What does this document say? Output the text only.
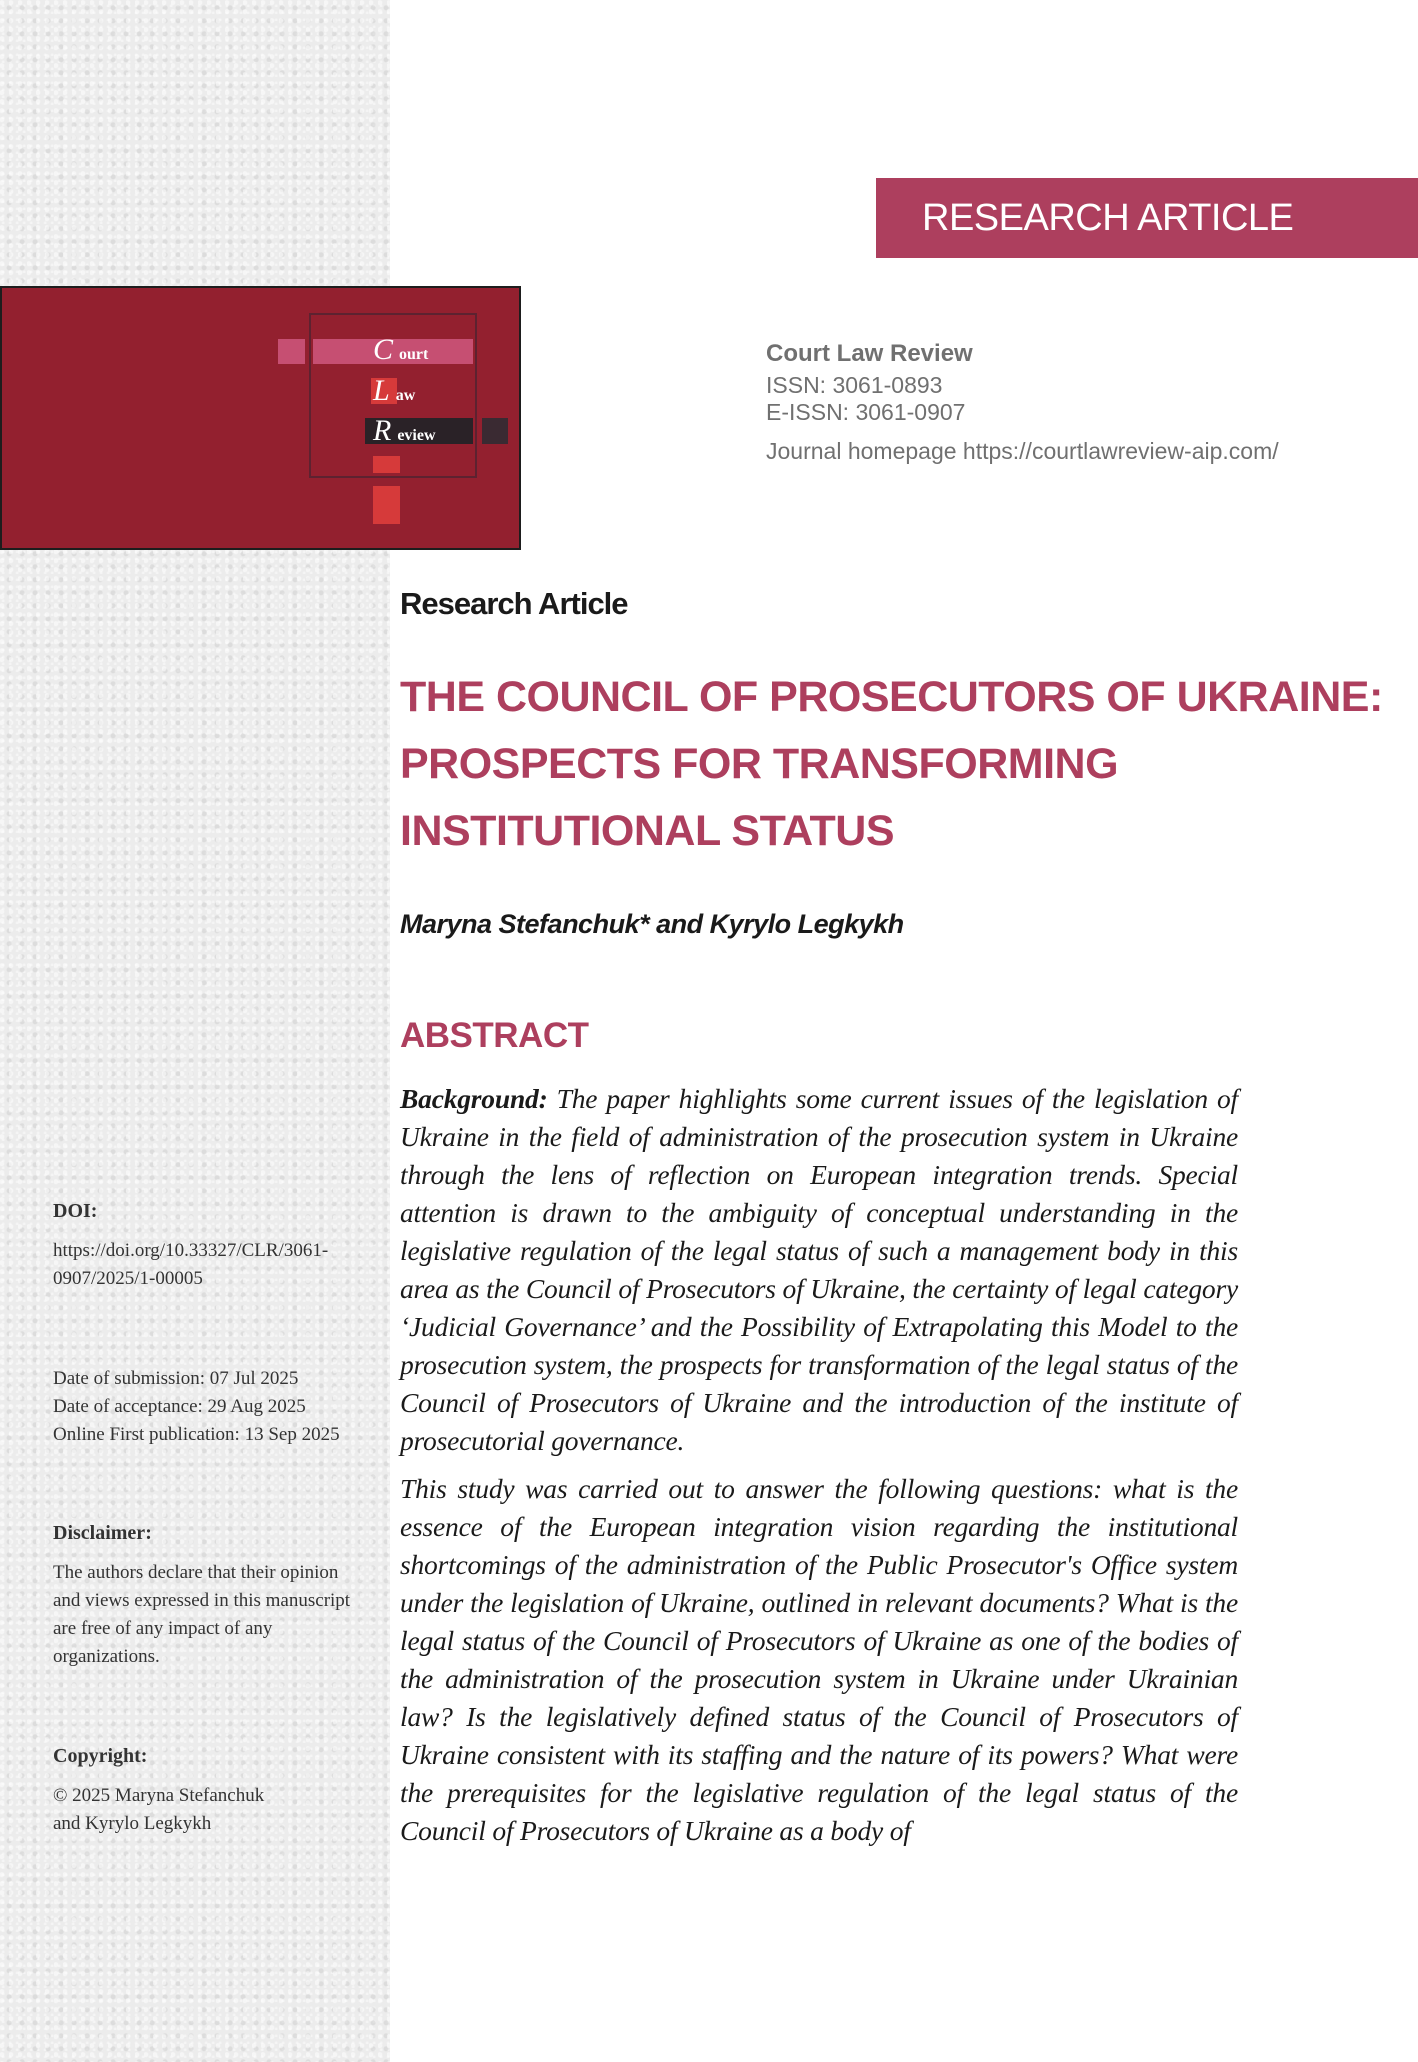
RESEARCH ARTICLE
Court
Law
Review
Court Law Review
ISSN: 3061-0893
E-ISSN: 3061-0907
Journal homepage https://courtlawreview-aip.com/
Research Article
THE COUNCIL OF PROSECUTORS OF UKRAINE:
PROSPECTS FOR TRANSFORMING
INSTITUTIONAL STATUS
Maryna Stefanchuk* and Kyrylo Legkykh
ABSTRACT

Background: The paper highlights some current issues of the legislation of Ukraine in the field of administration of the prosecution system in Ukraine through the lens of reflection on European integration trends. Special attention is drawn to the ambiguity of conceptual understanding in the legislative regulation of the legal status of such a management body in this area as the Council of Prosecutors of Ukraine, the certainty of legal category ‘Judicial Governance’ and the Possibility of Extrapolating this Model to the prosecution system, the prospects for transformation of the legal status of the Council of Prosecutors of Ukraine and the introduction of the institute of prosecutorial governance.

This study was carried out to answer the following questions: what is the essence of the European integration vision regarding the institutional shortcomings of the administration of the Public Prosecutor's Office system under the legislation of Ukraine, outlined in relevant documents? What is the legal status of the Council of Prosecutors of Ukraine as one of the bodies of the administration of the prosecution system in Ukraine under Ukrainian law? Is the legislatively defined status of the Council of Prosecutors of Ukraine consistent with its staffing and the nature of its powers? What were the prerequisites for the legislative regulation of the legal status of the Council of Prosecutors of Ukraine as a body of

DOI:
https://doi.org/10.33327/CLR/3061-
0907/2025/1-00005
Date of submission: 07 Jul 2025
Date of acceptance: 29 Aug 2025
Online First publication: 13 Sep 2025
Disclaimer:
The authors declare that their opinion
and views expressed in this manuscript
are free of any impact of any
organizations.
Copyright:
© 2025 Maryna Stefanchuk
and Kyrylo Legkykh
